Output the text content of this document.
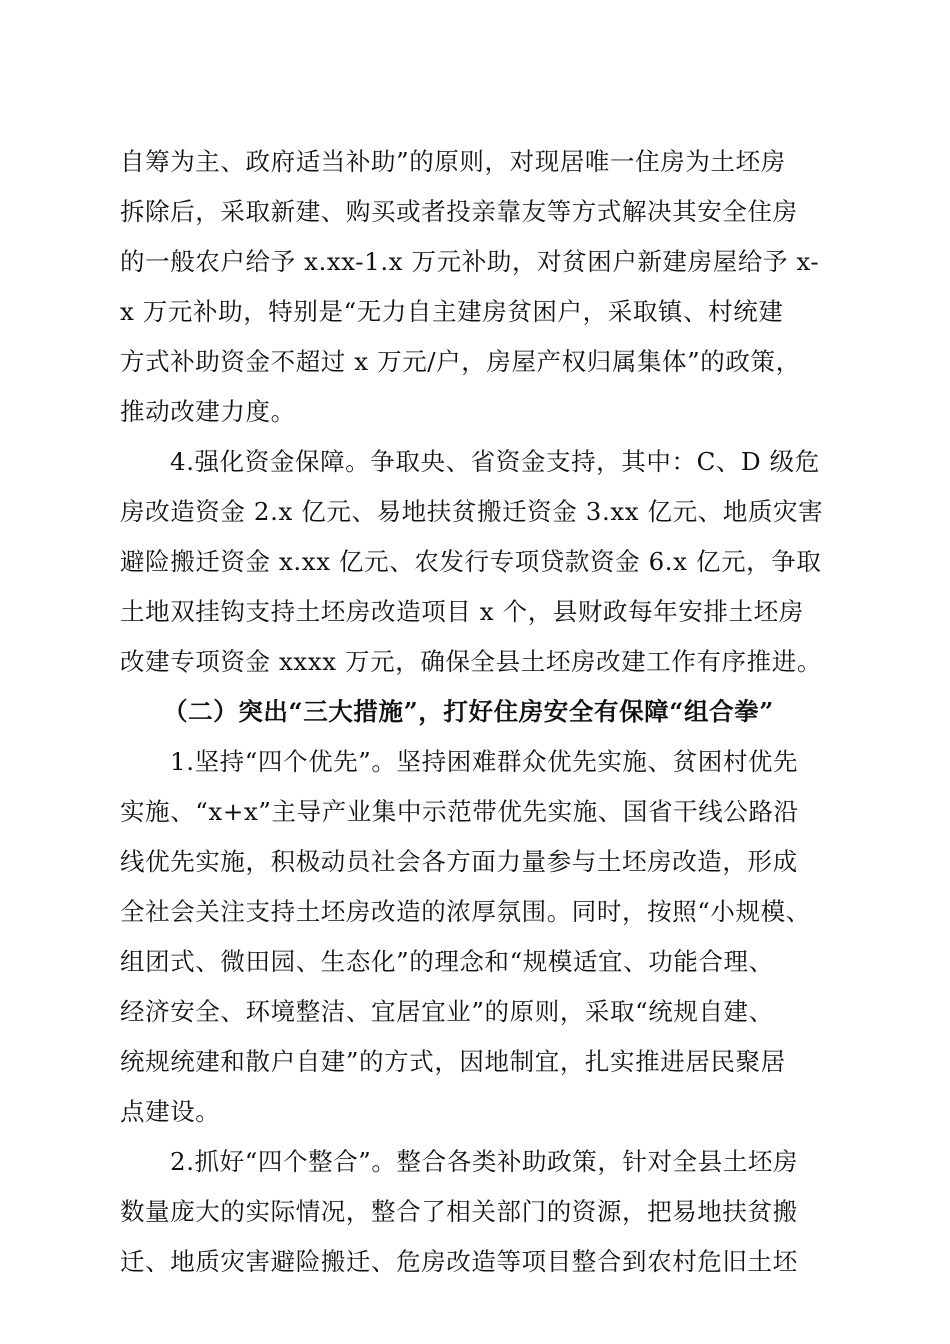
自筹为主、政府适当补助”的原则，对现居唯一住房为土坯房
拆除后，采取新建、购买或者投亲靠友等方式解决其安全住房
的一般农户给予 x.xx-1.x 万元补助，对贫困户新建房屋给予 x-
x 万元补助，特别是“无力自主建房贫困户，采取镇、村统建
方式补助资金不超过 x 万元/户，房屋产权归属集体”的政策，
推动改建力度。
4.强化资金保障。争取央、省资金支持，其中：C、D 级危
房改造资金 2.x 亿元、易地扶贫搬迁资金 3.xx 亿元、地质灾害
避险搬迁资金 x.xx 亿元、农发行专项贷款资金 6.x 亿元，争取
土地双挂钩支持土坯房改造项目 x 个，县财政每年安排土坯房
改建专项资金 xxxx 万元，确保全县土坯房改建工作有序推进。
（二）突出“三大措施”，打好住房安全有保障“组合拳”
1.坚持“四个优先”。坚持困难群众优先实施、贫困村优先
实施、“x+x”主导产业集中示范带优先实施、国省干线公路沿
线优先实施，积极动员社会各方面力量参与土坯房改造，形成
全社会关注支持土坯房改造的浓厚氛围。同时，按照“小规模、
组团式、微田园、生态化”的理念和“规模适宜、功能合理、
经济安全、环境整洁、宜居宜业”的原则，采取“统规自建、
统规统建和散户自建”的方式，因地制宜，扎实推进居民聚居
点建设。
2.抓好“四个整合”。整合各类补助政策，针对全县土坯房
数量庞大的实际情况，整合了相关部门的资源，把易地扶贫搬
迁、地质灾害避险搬迁、危房改造等项目整合到农村危旧土坯
